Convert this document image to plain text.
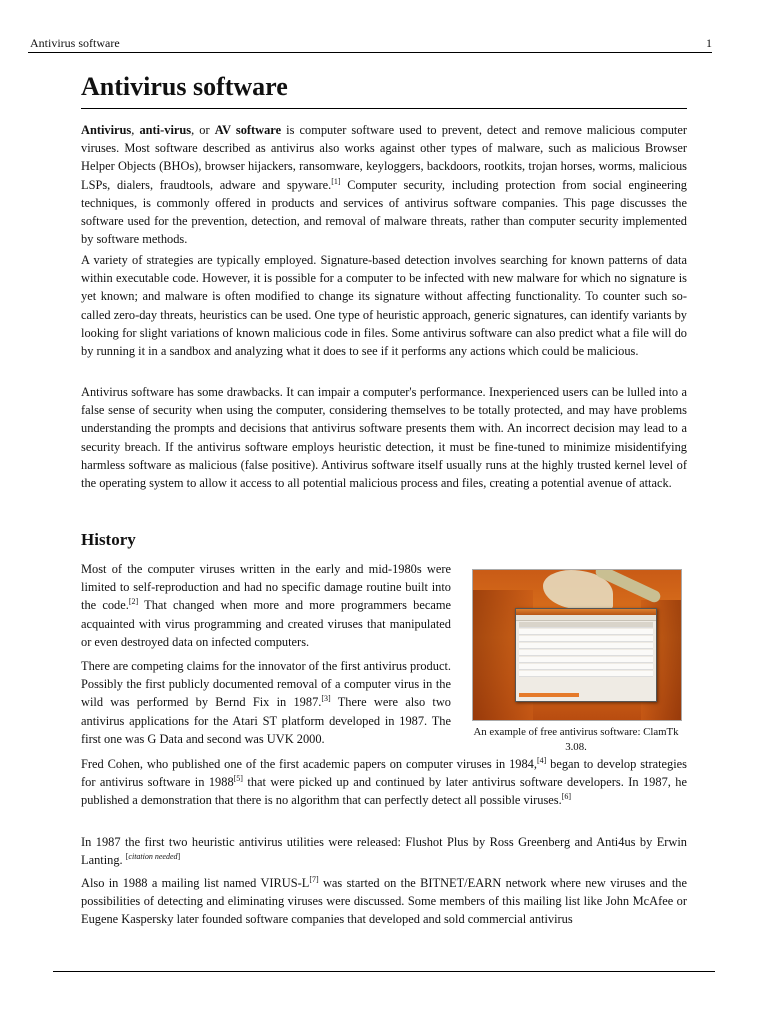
Antivirus software	1
Antivirus software

Antivirus, anti-virus, or AV software is computer software used to prevent, detect and remove malicious computer viruses. Most software described as antivirus also works against other types of malware, such as malicious Browser Helper Objects (BHOs), browser hijackers, ransomware, keyloggers, backdoors, rootkits, trojan horses, worms, malicious LSPs, dialers, fraudtools, adware and spyware.[1] Computer security, including protection from social engineering techniques, is commonly offered in products and services of antivirus software companies. This page discusses the software used for the prevention, detection, and removal of malware threats, rather than computer security implemented by software methods.

A variety of strategies are typically employed. Signature-based detection involves searching for known patterns of data within executable code. However, it is possible for a computer to be infected with new malware for which no signature is yet known; and malware is often modified to change its signature without affecting functionality. To counter such so-called zero-day threats, heuristics can be used. One type of heuristic approach, generic signatures, can identify variants by looking for slight variations of known malicious code in files. Some antivirus software can also predict what a file will do by running it in a sandbox and analyzing what it does to see if it performs any actions which could be malicious.

Antivirus software has some drawbacks. It can impair a computer's performance. Inexperienced users can be lulled into a false sense of security when using the computer, considering themselves to be totally protected, and may have problems understanding the prompts and decisions that antivirus software presents them with. An incorrect decision may lead to a security breach. If the antivirus software employs heuristic detection, it must be fine-tuned to minimize misidentifying harmless software as malicious (false positive). Antivirus software itself usually runs at the highly trusted kernel level of the operating system to allow it access to all potential malicious process and files, creating a potential avenue of attack.

History

Most of the computer viruses written in the early and mid-1980s were limited to self-reproduction and had no specific damage routine built into the code.[2] That changed when more and more programmers became acquainted with virus programming and created viruses that manipulated or even destroyed data on infected computers.

There are competing claims for the innovator of the first antivirus product. Possibly the first publicly documented removal of a computer virus in the wild was performed by Bernd Fix in 1987.[3] There were also two antivirus applications for the Atari ST platform developed in 1987. The first one was G Data and second was UVK 2000.	An example of free antivirus software: ClamTk 3.08.

Fred Cohen, who published one of the first academic papers on computer viruses in 1984,[4] began to develop strategies for antivirus software in 1988[5] that were picked up and continued by later antivirus software developers. In 1987, he published a demonstration that there is no algorithm that can perfectly detect all possible viruses.[6]

In 1987 the first two heuristic antivirus utilities were released: Flushot Plus by Ross Greenberg and Anti4us by Erwin Lanting. [citation needed]

Also in 1988 a mailing list named VIRUS-L[7] was started on the BITNET/EARN network where new viruses and the possibilities of detecting and eliminating viruses were discussed. Some members of this mailing list like John McAfee or Eugene Kaspersky later founded software companies that developed and sold commercial antivirus
